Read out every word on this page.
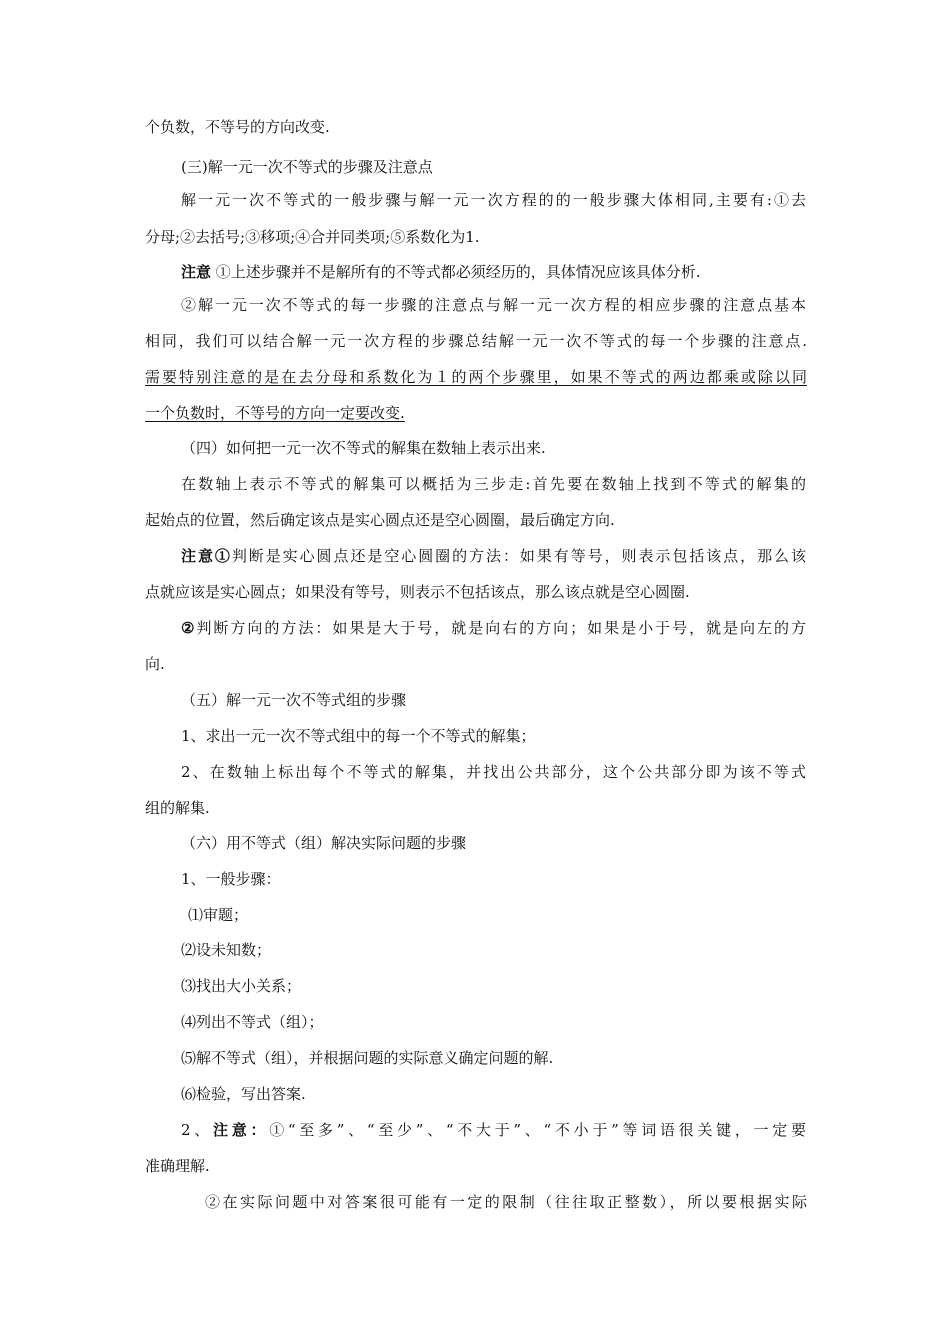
个负数，不等号的方向改变.
(三)解一元一次不等式的步骤及注意点
解一元一次不等式的一般步骤与解一元一次方程的的一般步骤大体相同,主要有:①去
分母;②去括号;③移项;④合并同类项;⑤系数化为1.
注意 ①上述步骤并不是解所有的不等式都必须经历的，具体情况应该具体分析.
②解一元一次不等式的每一步骤的注意点与解一元一次方程的相应步骤的注意点基本
相同，我们可以结合解一元一次方程的步骤总结解一元一次不等式的每一个步骤的注意点.
需要特别注意的是在去分母和系数化为１的两个步骤里，如果不等式的两边都乘或除以同
一个负数时，不等号的方向一定要改变.
（四）如何把一元一次不等式的解集在数轴上表示出来.
在数轴上表示不等式的解集可以概括为三步走:首先要在数轴上找到不等式的解集的
起始点的位置，然后确定该点是实心圆点还是空心圆圈，最后确定方向.
注意①判断是实心圆点还是空心圆圈的方法：如果有等号，则表示包括该点，那么该
点就应该是实心圆点；如果没有等号，则表示不包括该点，那么该点就是空心圆圈.
②判断方向的方法：如果是大于号，就是向右的方向；如果是小于号，就是向左的方
向.
（五）解一元一次不等式组的步骤
1、求出一元一次不等式组中的每一个不等式的解集；
2、在数轴上标出每个不等式的解集，并找出公共部分，这个公共部分即为该不等式
组的解集.
（六）用不等式（组）解决实际问题的步骤
1、一般步骤：
⑴审题；
⑵设未知数；
⑶找出大小关系；
⑷列出不等式（组）；
⑸解不等式（组），并根据问题的实际意义确定问题的解.
⑹检验，写出答案.
2、注意：①“至多”、“至少”、“不大于”、“不小于”等词语很关键，一定要
准确理解.
②在实际问题中对答案很可能有一定的限制（往往取正整数），所以要根据实际
